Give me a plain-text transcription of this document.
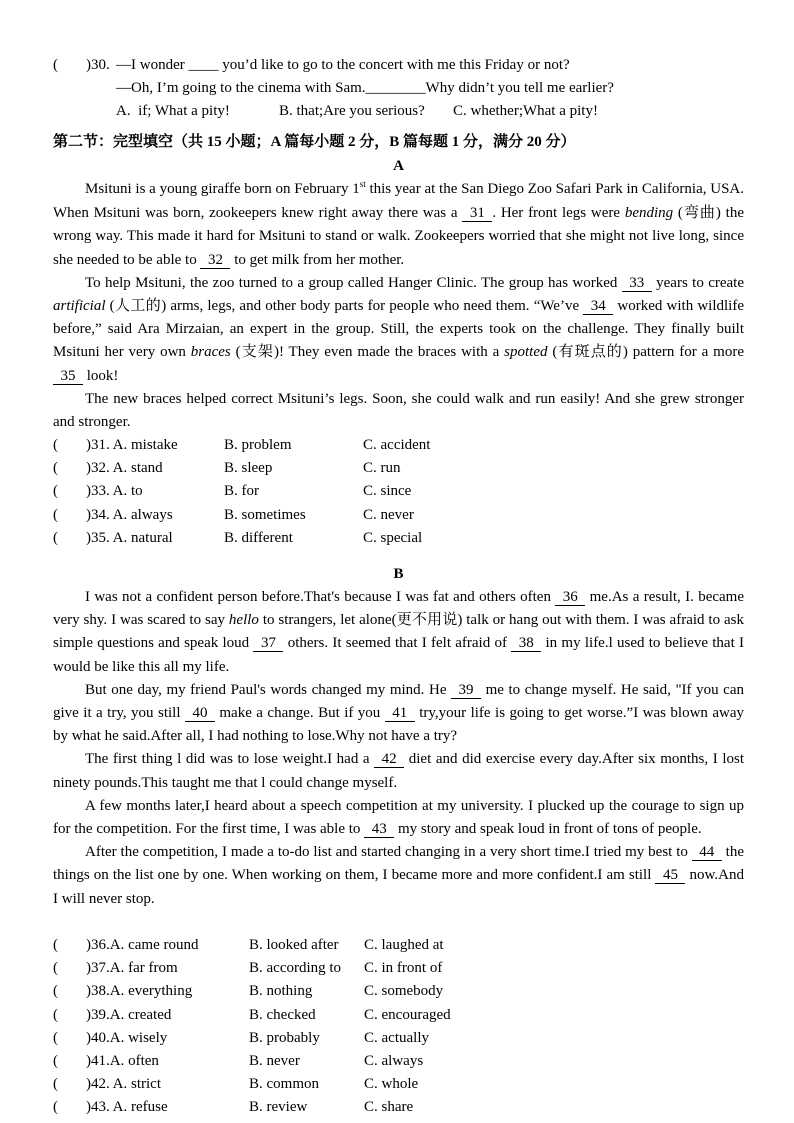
(

)30.

—I wonder ____ you’d like to go to the concert with me this Friday or not?

—Oh, I’m going to the cinema with Sam.________Why didn’t you tell me earlier?

A.  if; What a pity!

	B. that;Are you serious?

C. whether;What a pity!

第二节：完型填空（共 15 小题；A 篇每小题 2 分，B 篇每题 1 分，满分 20 分）
A

Msituni is a young giraffe born on February 1st this year at the San Diego Zoo Safari Park in California, USA. When Msituni was born, zookeepers knew right away there was a 31 . Her front legs were bending (弯曲) the wrong way. This made it hard for Msituni to stand or walk. Zookeepers worried that she might not live long, since she needed to be able to 32 to get milk from her mother.

To help Msituni, the zoo turned to a group called Hanger Clinic. The group has worked 33 years to create artificial (人工的) arms, legs, and other body parts for people who need them. “We’ve 34 worked with wildlife before,” said Ara Mirzaian, an expert in the group. Still, the experts took on the challenge. They finally built Msituni her very own braces (支架)! They even made the braces with a spotted (有斑点的) pattern for a more 35 look!

The new braces helped correct Msituni’s legs. Soon, she could walk and run easily! And she grew stronger and stronger.

( )31. A. mistake	B. problem	C. accident
( )32. A. stand	B. sleep	C. run
( )33. A. to	B. for	C. since
( )34. A. always	B. sometimes	C. never
( )35. A. natural	B. different	C. special
B

I was not a confident person before.That's because I was fat and others often 36 me.As a result, I. became very shy. I was scared to say hello to strangers, let alone(更不用说) talk or hang out with them. I was afraid to ask simple questions and speak loud 37 others. It seemed that I felt afraid of 38 in my life.l used to believe that I would be like this all my life.

But one day, my friend Paul's words changed my mind. He 39 me to change myself. He said, "If you can give it a try, you still 40 make a change. But if you 41 try,your life is going to get worse.”I was blown away by what he said.After all, I had nothing to lose.Why not have a try?

The first thing l did was to lose weight.I had a 42 diet and did exercise every day.After six months, I lost ninety pounds.This taught me that l could change myself.

A few months later,I heard about a speech competition at my university. I plucked up the courage to sign up for the competition. For the first time, I was able to 43 my story and speak loud in front of tons of people.

After the competition, I made a to-do list and started changing in a very short time.I tried my best to 44 the things on the list one by one. When working on them, I became more and more confident.I am still 45 now.And I will never stop.

( )36.A. came round	B. looked after C. laughed at
( )37.A. far from	B. according to C. in front of
( )38.A. everything	B. nothing	C. somebody
( )39.A. created	B. checked	C. encouraged
( )40.A. wisely	B. probably	C. actually
( )41.A. often	B. never	C. always
( )42. A. strict	B. common	C. whole
( )43. A. refuse	B. review	C. share
